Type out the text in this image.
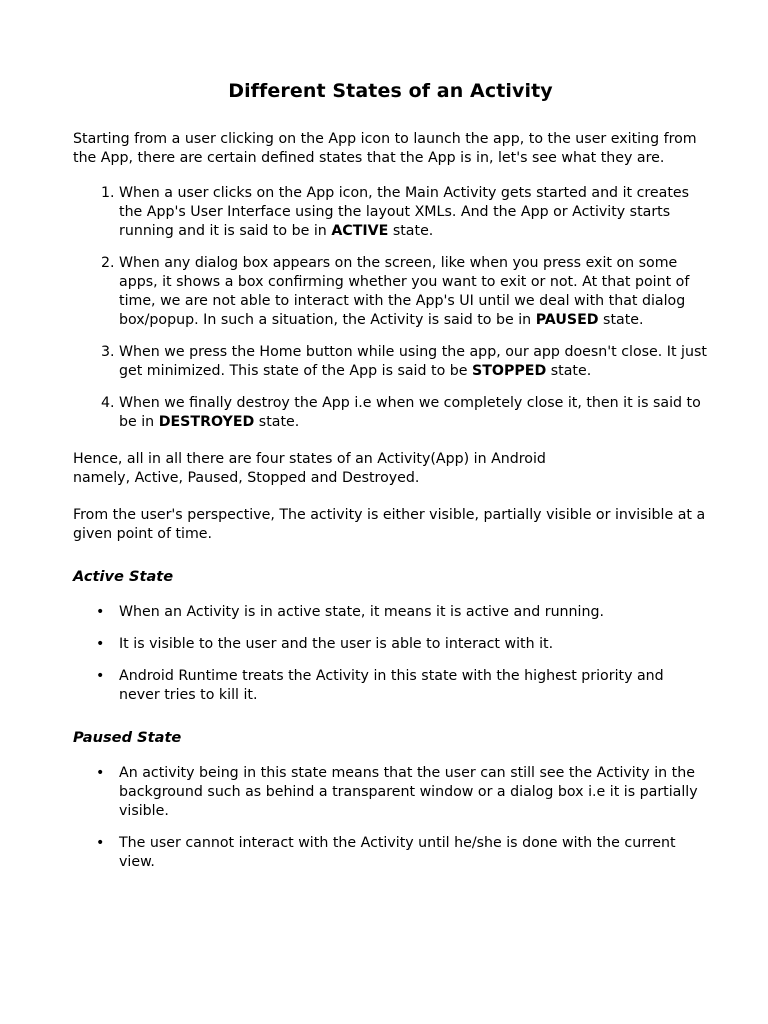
Different States of an Activity

Starting from a user clicking on the App icon to launch the app, to the user exiting from the App, there are certain defined states that the App is in, let's see what they are.

1. When a user clicks on the App icon, the Main Activity gets started and it creates the App's User Interface using the layout XMLs. And the App or Activity starts running and it is said to be in ACTIVE state.
2. When any dialog box appears on the screen, like when you press exit on some apps, it shows a box confirming whether you want to exit or not. At that point of time, we are not able to interact with the App's UI until we deal with that dialog box/popup. In such a situation, the Activity is said to be in PAUSED state.
3. When we press the Home button while using the app, our app doesn't close. It just get minimized. This state of the App is said to be STOPPED state.
4. When we finally destroy the App i.e when we completely close it, then it is said to be in DESTROYED state.

Hence, all in all there are four states of an Activity(App) in Android
namely, Active, Paused, Stopped and Destroyed.

From the user's perspective, The activity is either visible, partially visible or invisible at a given point of time.

Active State
• When an Activity is in active state, it means it is active and running.
• It is visible to the user and the user is able to interact with it.
• Android Runtime treats the Activity in this state with the highest priority and never tries to kill it.
Paused State
• An activity being in this state means that the user can still see the Activity in the background such as behind a transparent window or a dialog box i.e it is partially visible.
• The user cannot interact with the Activity until he/she is done with the current view.
